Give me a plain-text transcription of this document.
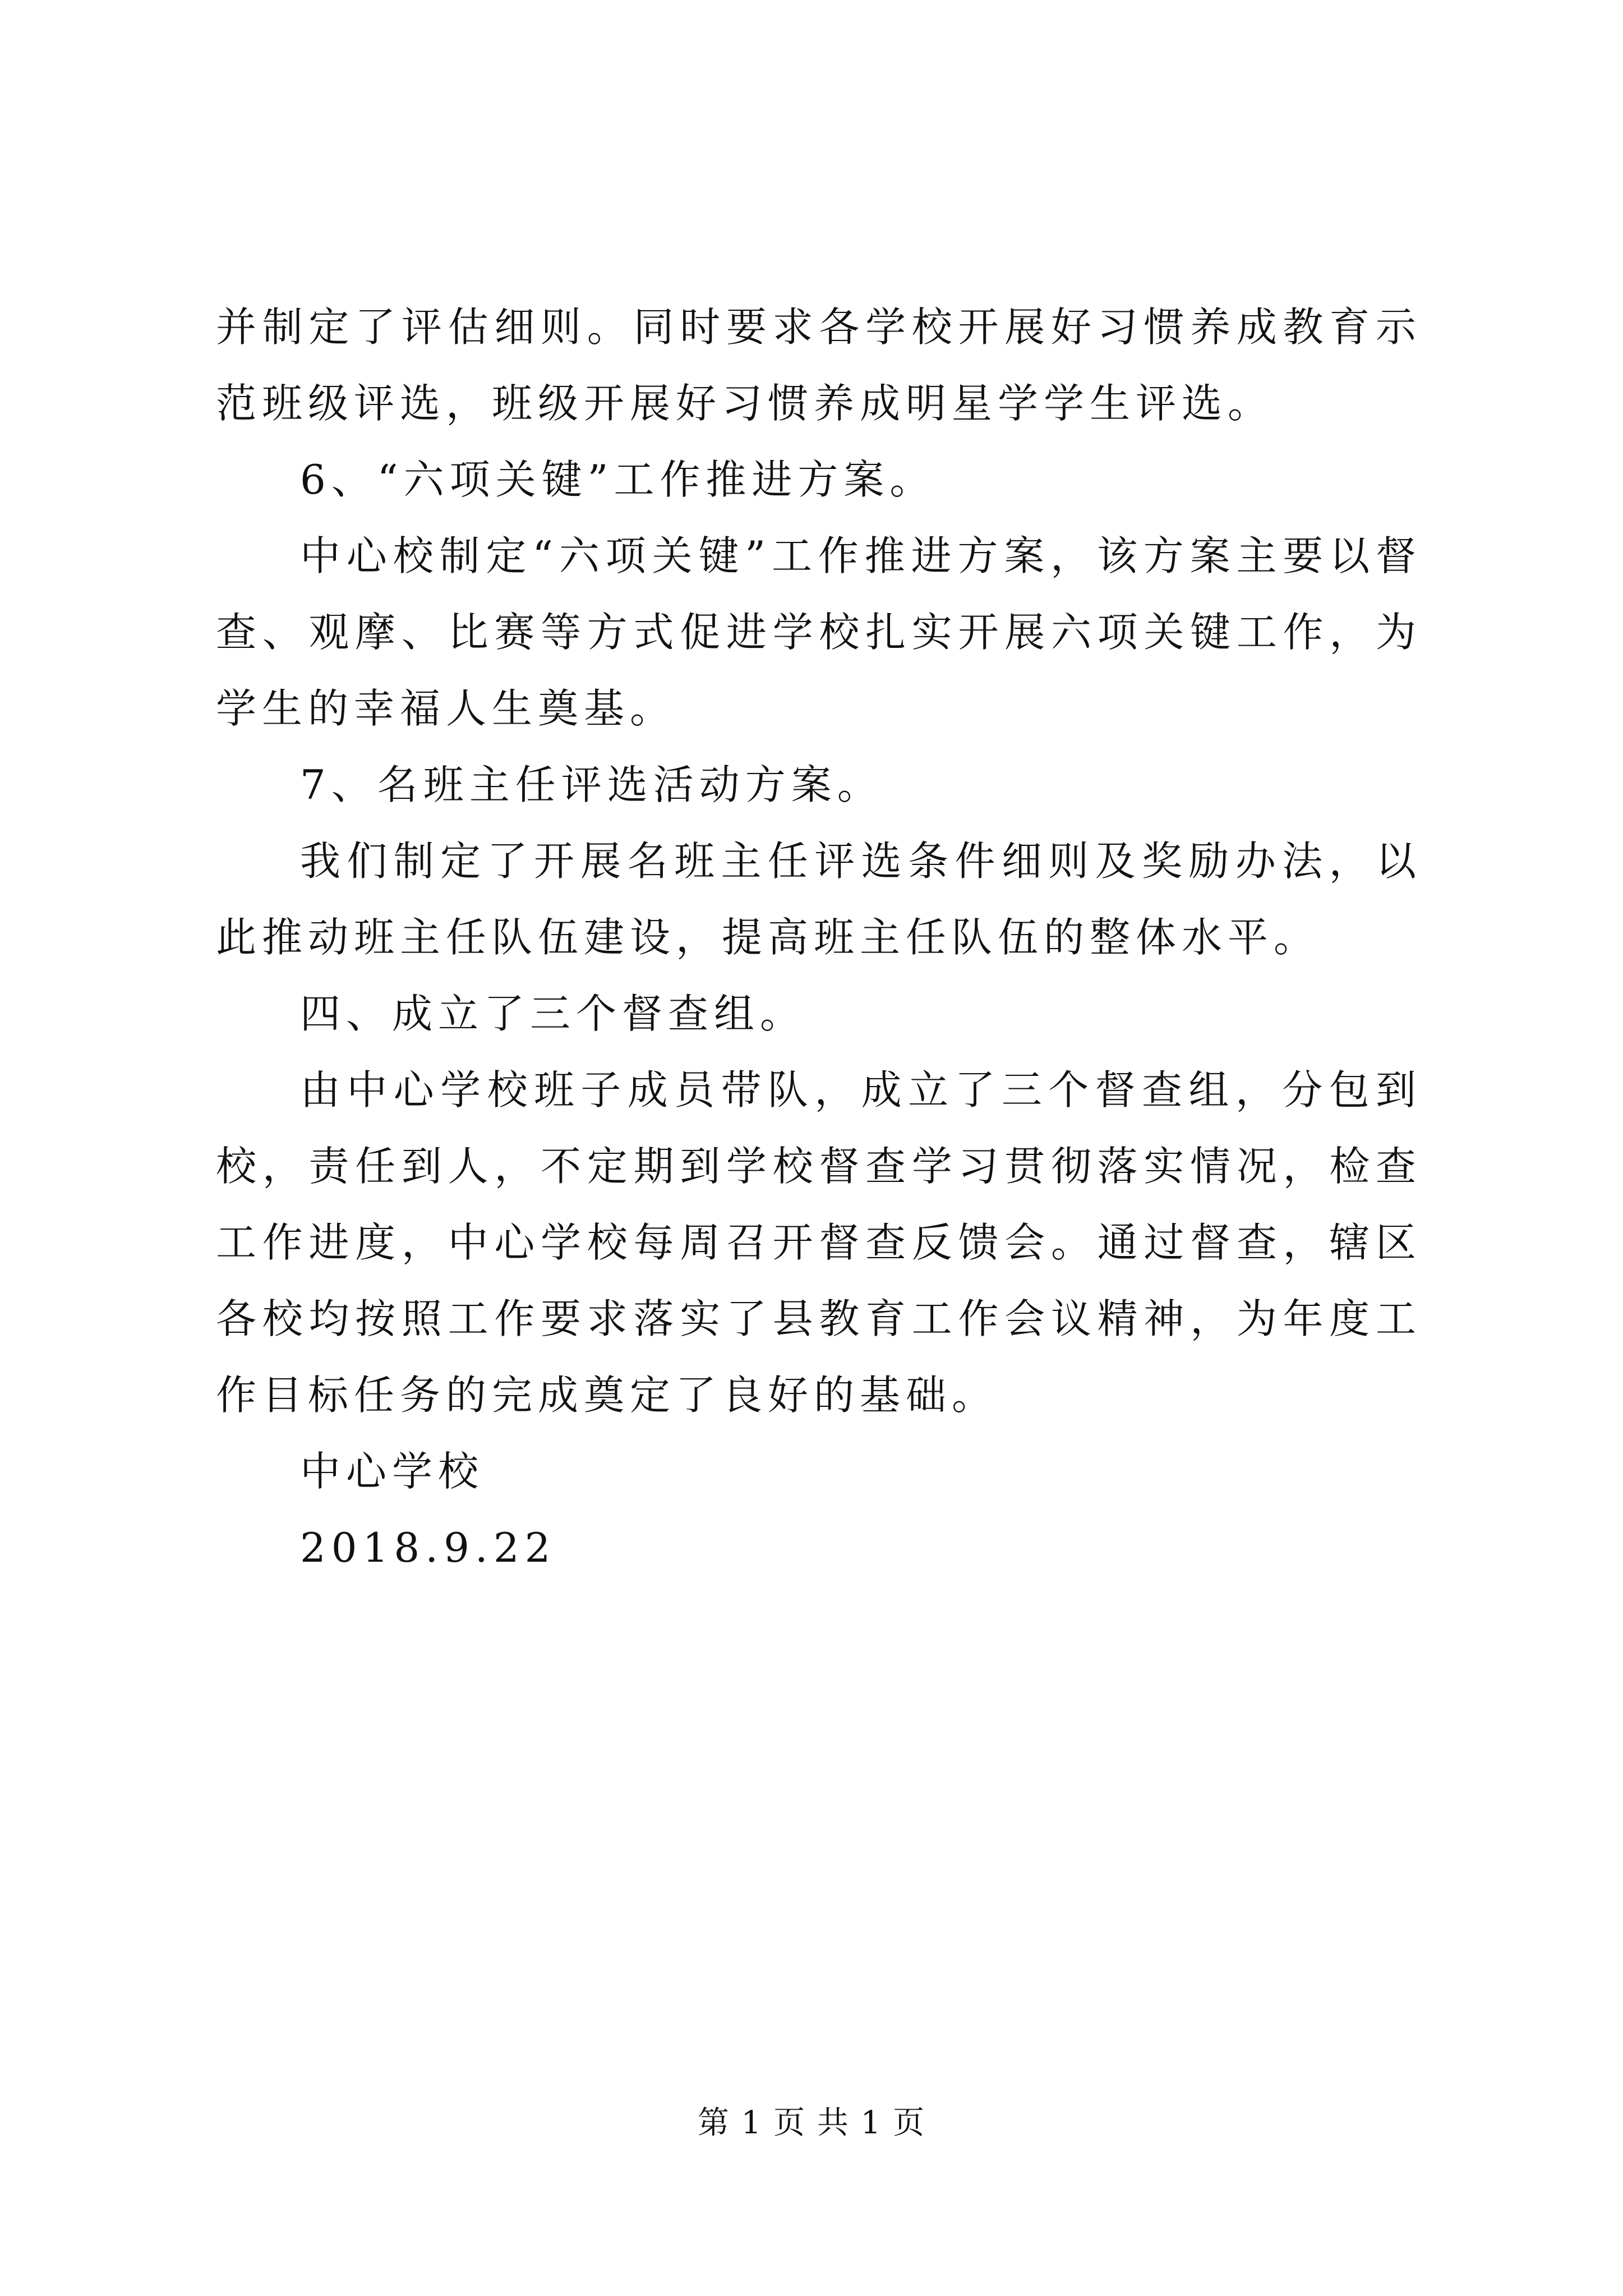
并制定了评估细则。同时要求各学校开展好习惯养成教育示范班级评选，班级开展好习惯养成明星学学生评选。

6、“六项关键”工作推进方案。

中心校制定“六项关键”工作推进方案，该方案主要以督查、观摩、比赛等方式促进学校扎实开展六项关键工作，为学生的幸福人生奠基。

7、名班主任评选活动方案。

我们制定了开展名班主任评选条件细则及奖励办法，以此推动班主任队伍建设，提高班主任队伍的整体水平。

四、成立了三个督查组。

由中心学校班子成员带队，成立了三个督查组，分包到校，责任到人，不定期到学校督查学习贯彻落实情况，检查工作进度，中心学校每周召开督查反馈会。通过督查，辖区各校均按照工作要求落实了县教育工作会议精神，为年度工作目标任务的完成奠定了良好的基础。

中心学校

2018.9.22

第 1 页 共 1 页
